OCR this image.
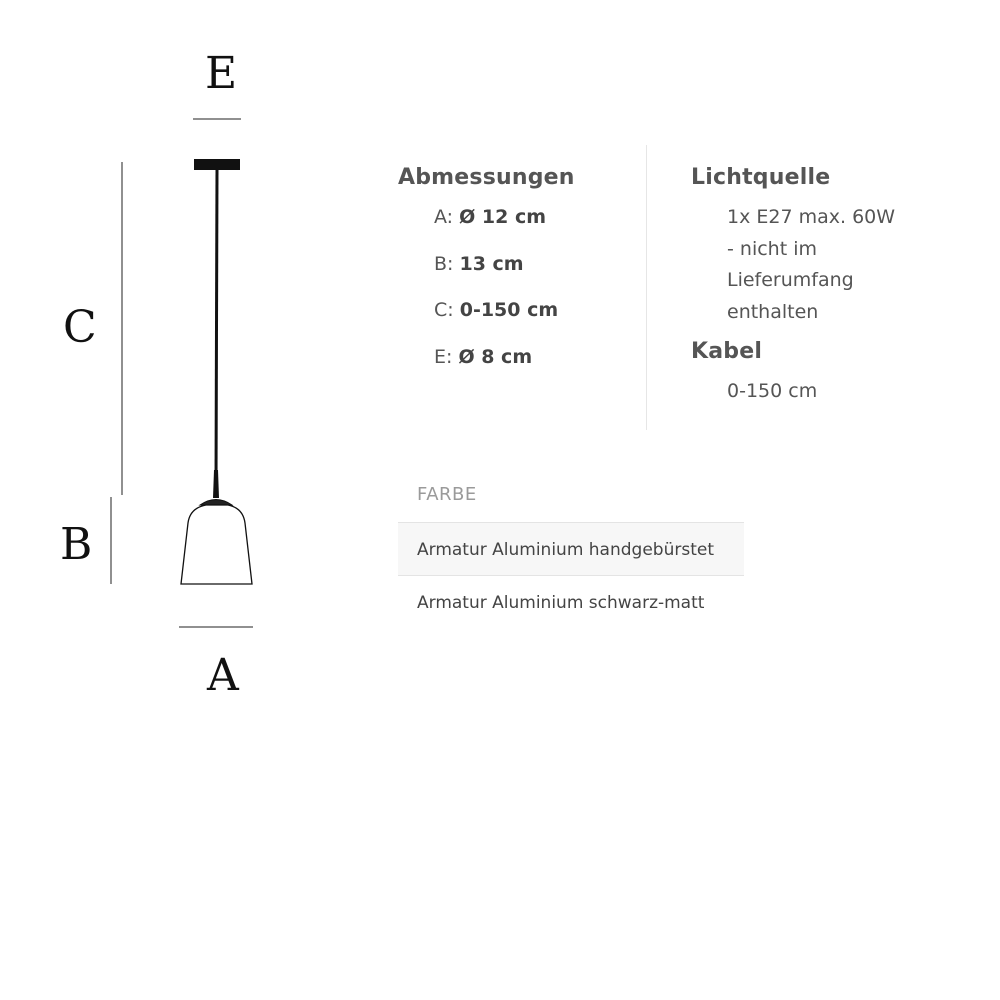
E
C
B
A
Abmessungen
A: Ø 12 cm
B: 13 cm
C: 0-150 cm
E: Ø 8 cm
Lichtquelle
1x E27 max. 60W
- nicht im
Lieferumfang
enthalten
Kabel
0-150 cm
FARBE
Armatur Aluminium handgebürstet
Armatur Aluminium schwarz-matt
